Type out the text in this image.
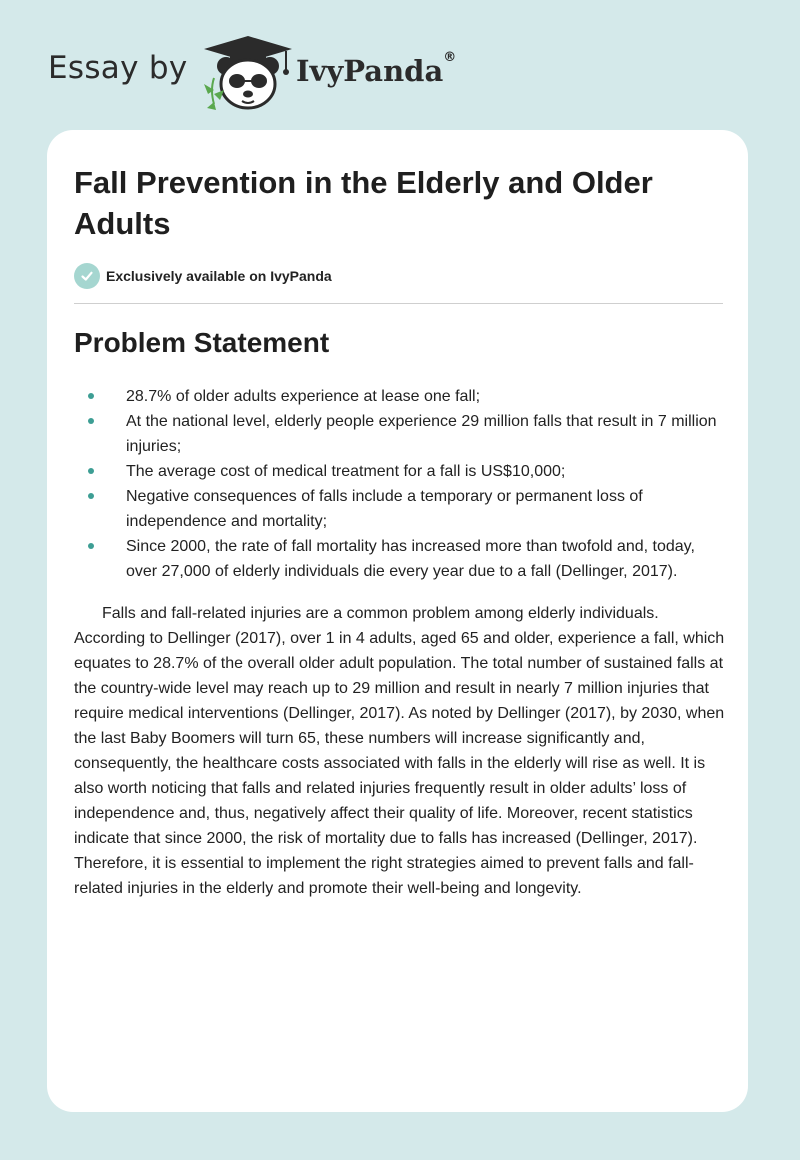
Essay by	IvyPanda®
Fall Prevention in the Elderly and Older Adults
Exclusively available on IvyPanda
Problem Statement
28.7% of older adults experience at lease one fall;
At the national level, elderly people experience 29 million falls that result in 7 million injuries;
The average cost of medical treatment for a fall is US$10,000;
Negative consequences of falls include a temporary or permanent loss of independence and mortality;
Since 2000, the rate of fall mortality has increased more than twofold and, today, over 27,000 of elderly individuals die every year due to a fall (Dellinger, 2017).

Falls and fall-related injuries are a common problem among elderly individuals. According to Dellinger (2017), over 1 in 4 adults, aged 65 and older, experience a fall, which equates to 28.7% of the overall older adult population. The total number of sustained falls at the country-wide level may reach up to 29 million and result in nearly 7 million injuries that require medical interventions (Dellinger, 2017). As noted by Dellinger (2017), by 2030, when the last Baby Boomers will turn 65, these numbers will increase significantly and, consequently, the healthcare costs associated with falls in the elderly will rise as well. It is also worth noticing that falls and related injuries frequently result in older adults’ loss of independence and, thus, negatively affect their quality of life. Moreover, recent statistics indicate that since 2000, the risk of mortality due to falls has increased (Dellinger, 2017). Therefore, it is essential to implement the right strategies aimed to prevent falls and fall-related injuries in the elderly and promote their well-being and longevity.
